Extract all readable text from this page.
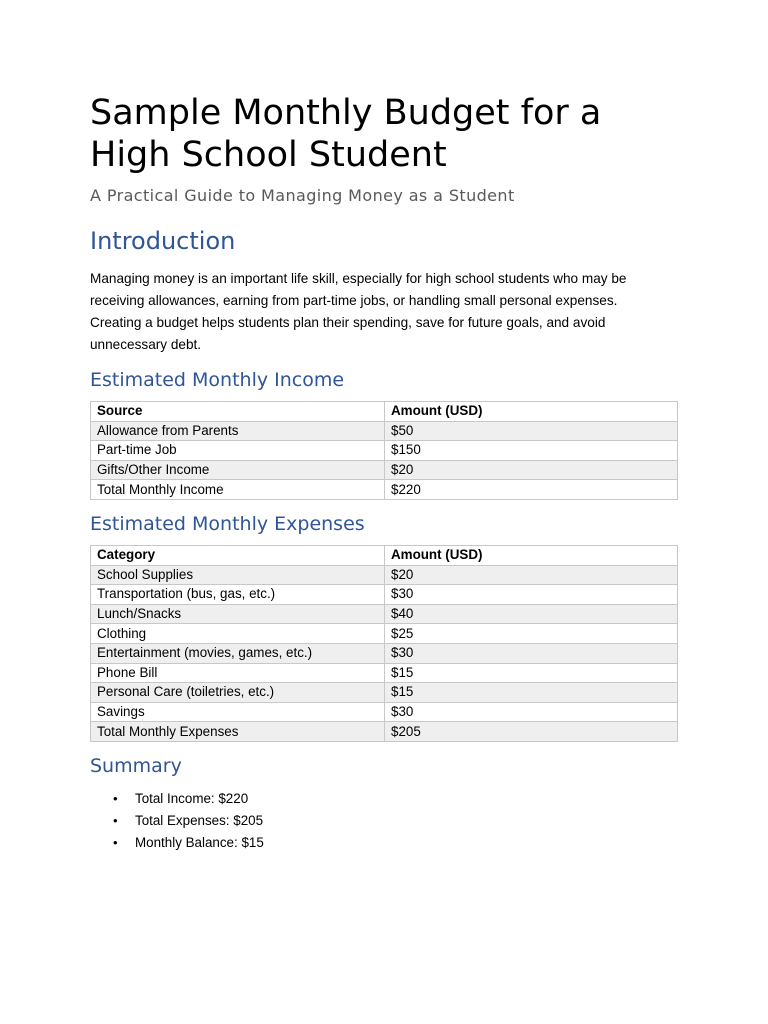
Sample Monthly Budget for a High School Student
A Practical Guide to Managing Money as a Student
Introduction

Managing money is an important life skill, especially for high school students who may be receiving allowances, earning from part-time jobs, or handling small personal expenses. Creating a budget helps students plan their spending, save for future goals, and avoid unnecessary debt.

Estimated Monthly Income
Source	Amount (USD)
Allowance from Parents	$50
Part-time Job	$150
Gifts/Other Income	$20
Total Monthly Income	$220
Estimated Monthly Expenses
Category	Amount (USD)
School Supplies	$20
Transportation (bus, gas, etc.)	$30
Lunch/Snacks	$40
Clothing	$25
Entertainment (movies, games, etc.)	$30
Phone Bill	$15
Personal Care (toiletries, etc.)	$15
Savings	$30
Total Monthly Expenses	$205
Summary
• Total Income: $220
• Total Expenses: $205
• Monthly Balance: $15
